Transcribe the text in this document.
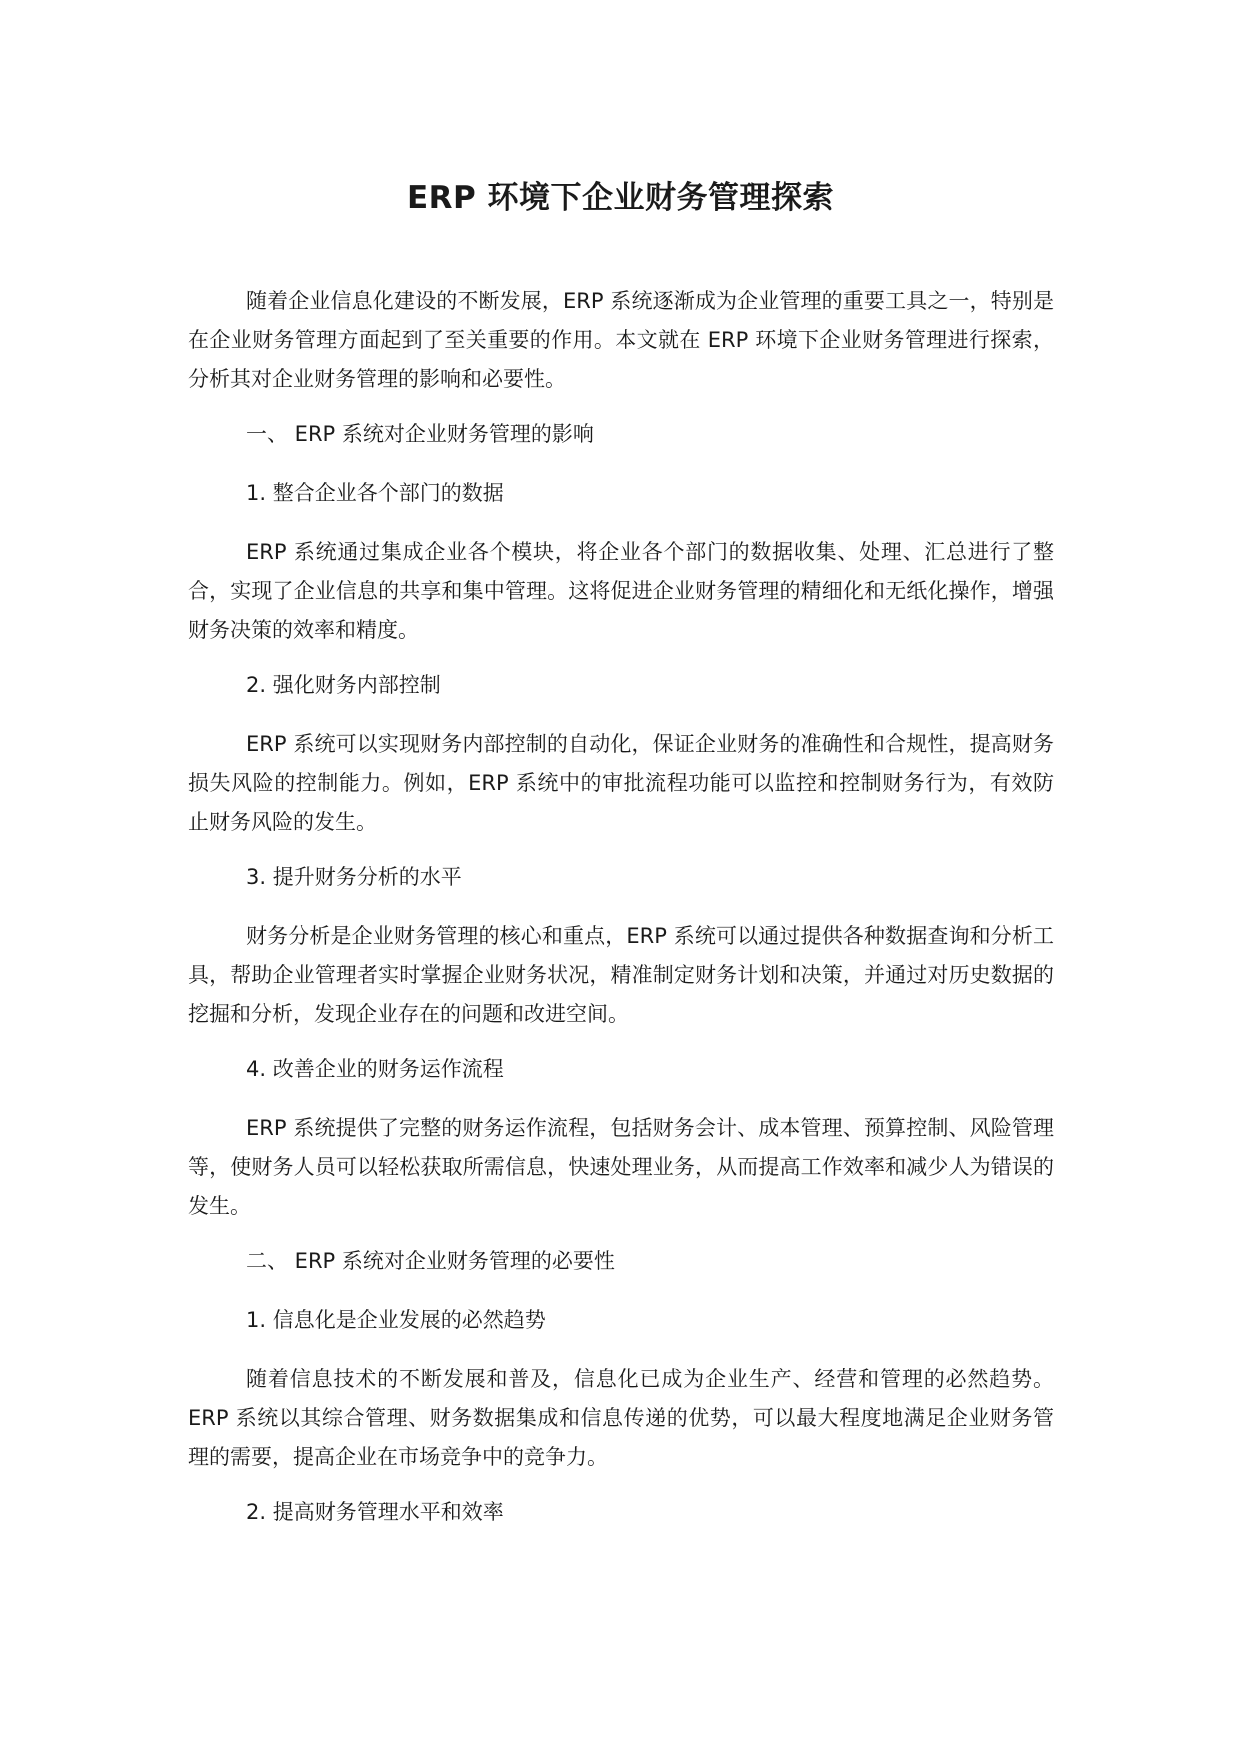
ERP 环境下企业财务管理探索

随着企业信息化建设的不断发展，ERP 系统逐渐成为企业管理的重要工具之一，特别是在企业财务管理方面起到了至关重要的作用。本文就在 ERP 环境下企业财务管理进行探索，分析其对企业财务管理的影响和必要性。

一、 ERP 系统对企业财务管理的影响

1. 整合企业各个部门的数据

ERP 系统通过集成企业各个模块，将企业各个部门的数据收集、处理、汇总进行了整合，实现了企业信息的共享和集中管理。这将促进企业财务管理的精细化和无纸化操作，增强财务决策的效率和精度。

2. 强化财务内部控制

ERP 系统可以实现财务内部控制的自动化，保证企业财务的准确性和合规性，提高财务损失风险的控制能力。例如，ERP 系统中的审批流程功能可以监控和控制财务行为，有效防止财务风险的发生。

3. 提升财务分析的水平

财务分析是企业财务管理的核心和重点，ERP 系统可以通过提供各种数据查询和分析工具，帮助企业管理者实时掌握企业财务状况，精准制定财务计划和决策，并通过对历史数据的挖掘和分析，发现企业存在的问题和改进空间。

4. 改善企业的财务运作流程

ERP 系统提供了完整的财务运作流程，包括财务会计、成本管理、预算控制、风险管理等，使财务人员可以轻松获取所需信息，快速处理业务，从而提高工作效率和减少人为错误的发生。

二、 ERP 系统对企业财务管理的必要性

1. 信息化是企业发展的必然趋势

随着信息技术的不断发展和普及，信息化已成为企业生产、经营和管理的必然趋势。ERP 系统以其综合管理、财务数据集成和信息传递的优势，可以最大程度地满足企业财务管理的需要，提高企业在市场竞争中的竞争力。

2. 提高财务管理水平和效率
